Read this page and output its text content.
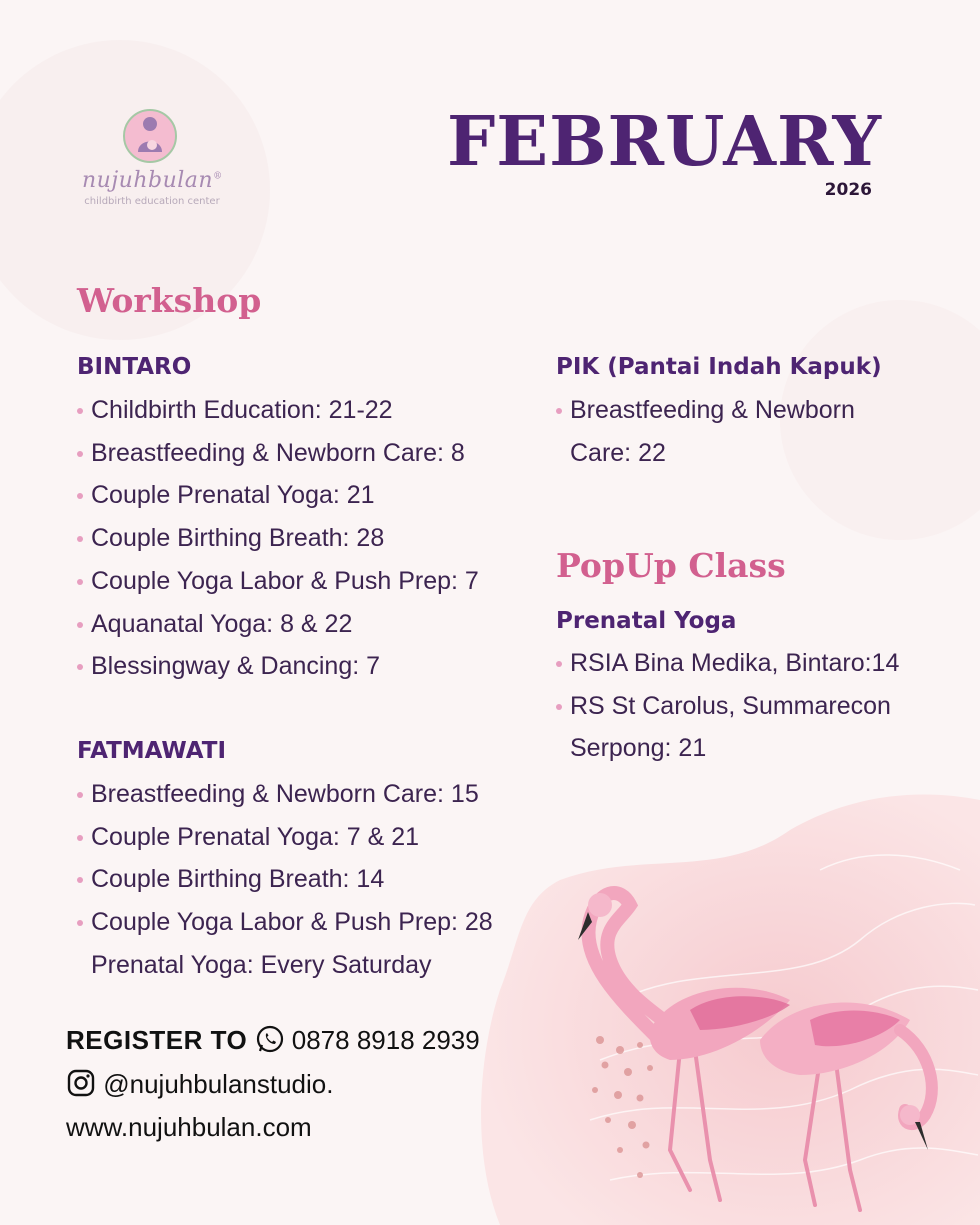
nujuhbulan®
childbirth education center
FEBRUARY
2026
Workshop
BINTARO
Childbirth Education: 21-22
Breastfeeding & Newborn Care: 8
Couple Prenatal Yoga: 21
Couple Birthing Breath: 28
Couple Yoga Labor & Push Prep: 7
Aquanatal Yoga: 8 & 22
Blessingway & Dancing: 7
FATMAWATI
Breastfeeding & Newborn Care: 15
Couple Prenatal Yoga: 7 & 21
Couple Birthing Breath: 14
Couple Yoga Labor & Push Prep: 28
Prenatal Yoga: Every Saturday
PIK (Pantai Indah Kapuk)
Breastfeeding & Newborn
Care: 22
PopUp Class
Prenatal Yoga
RSIA Bina Medika, Bintaro:14
RS St Carolus, Summarecon
Serpong: 21
REGISTER TO 0878 8918 2939
@nujuhbulanstudio.
www.nujuhbulan.com
